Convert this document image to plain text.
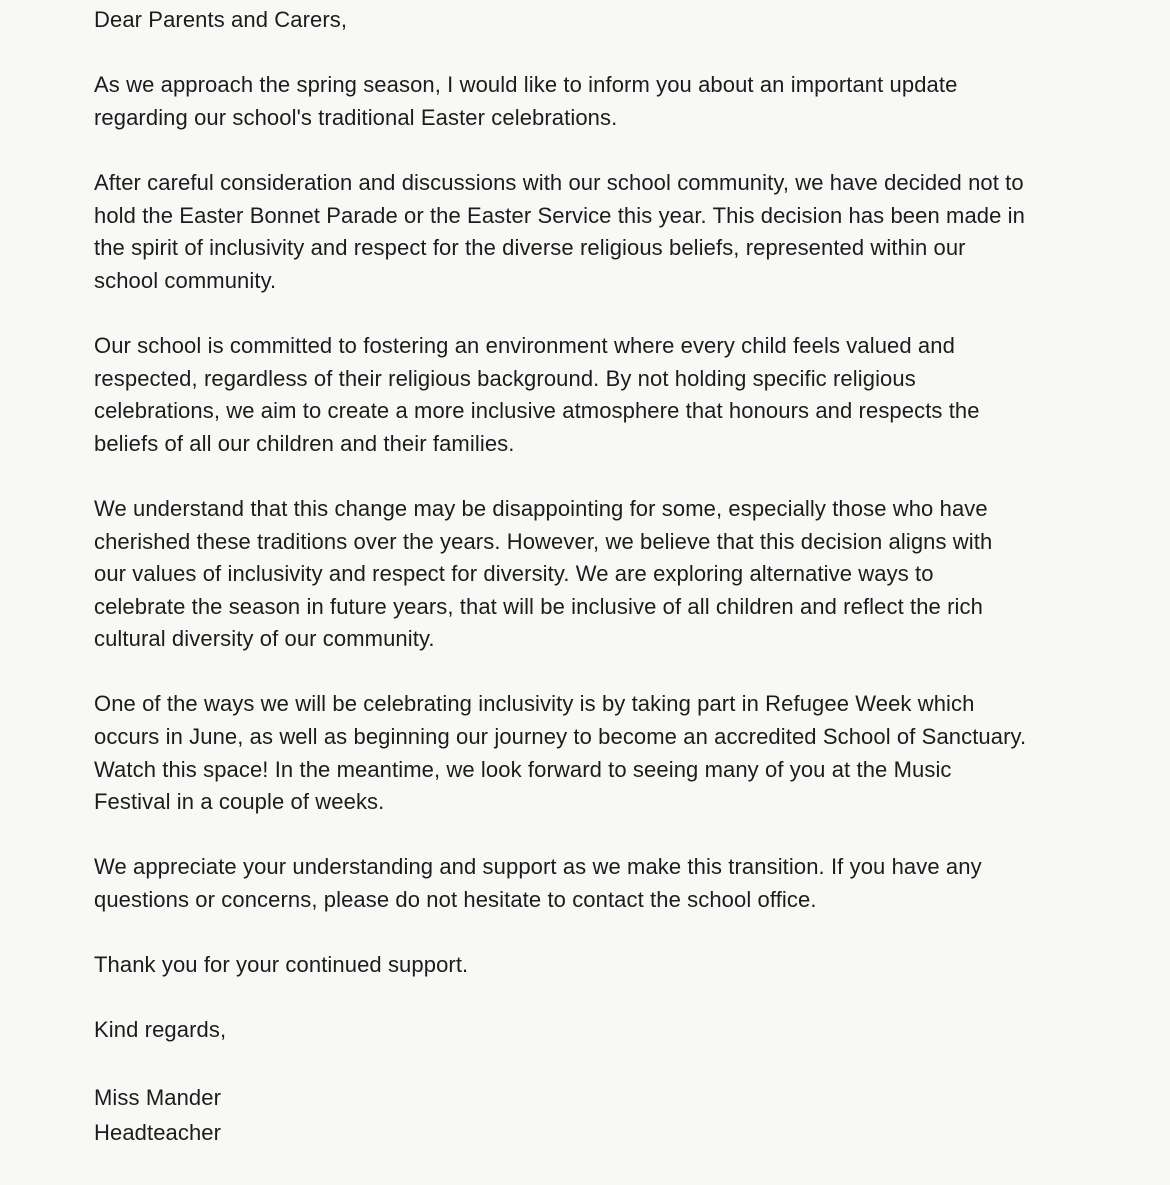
Dear Parents and Carers,
As we approach the spring season, I would like to inform you about an important update
regarding our school's traditional Easter celebrations.
After careful consideration and discussions with our school community, we have decided not to
hold the Easter Bonnet Parade or the Easter Service this year. This decision has been made in
the spirit of inclusivity and respect for the diverse religious beliefs, represented within our
school community.
Our school is committed to fostering an environment where every child feels valued and
respected, regardless of their religious background. By not holding specific religious
celebrations, we aim to create a more inclusive atmosphere that honours and respects the
beliefs of all our children and their families.
We understand that this change may be disappointing for some, especially those who have
cherished these traditions over the years. However, we believe that this decision aligns with
our values of inclusivity and respect for diversity. We are exploring alternative ways to
celebrate the season in future years, that will be inclusive of all children and reflect the rich
cultural diversity of our community.
One of the ways we will be celebrating inclusivity is by taking part in Refugee Week which
occurs in June, as well as beginning our journey to become an accredited School of Sanctuary.
Watch this space! In the meantime, we look forward to seeing many of you at the Music
Festival in a couple of weeks.
We appreciate your understanding and support as we make this transition. If you have any
questions or concerns, please do not hesitate to contact the school office.
Thank you for your continued support.
Kind regards,
Miss Mander
Headteacher
